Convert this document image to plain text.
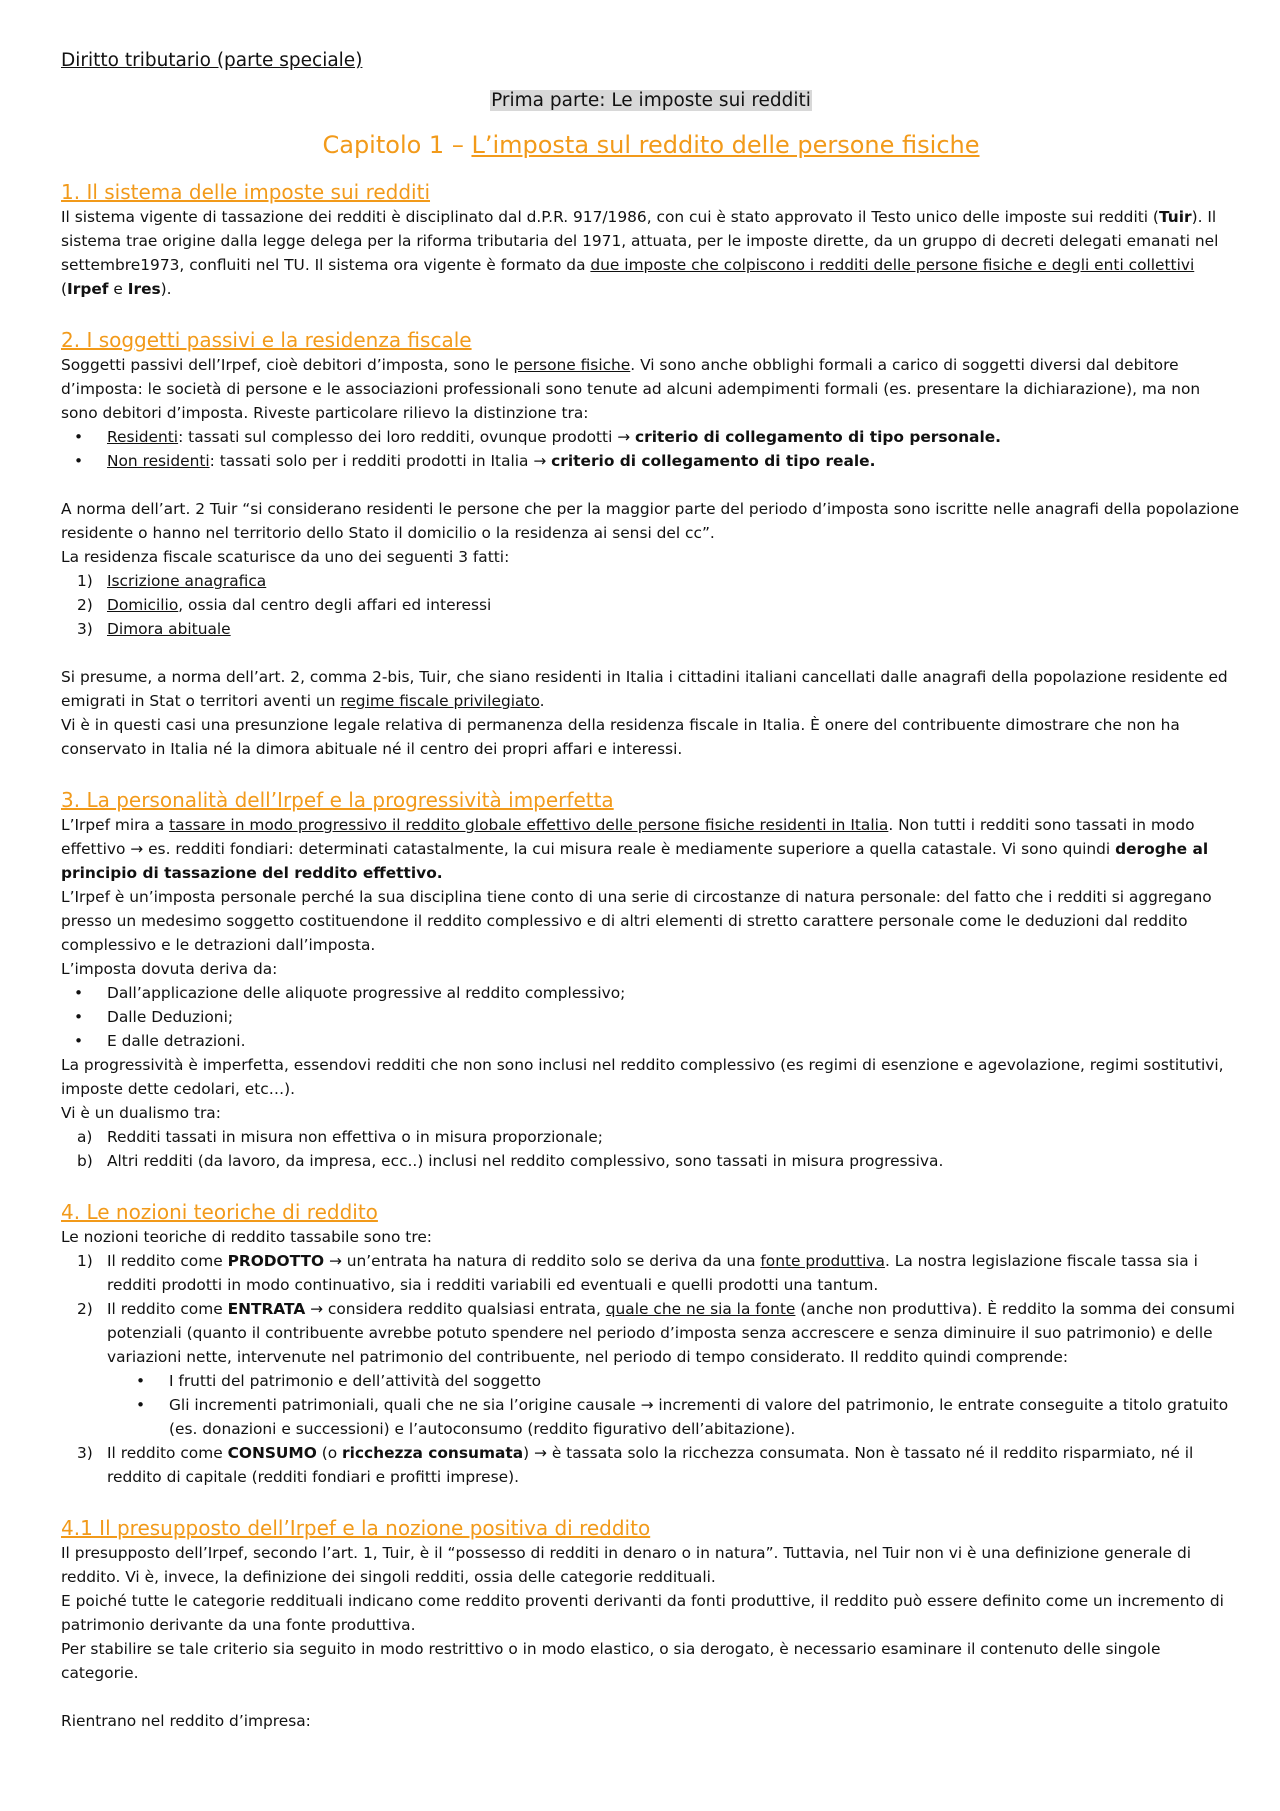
Diritto tributario (parte speciale)

Prima parte: Le imposte sui redditi

Capitolo 1 – L’imposta sul reddito delle persone fisiche

1. Il sistema delle imposte sui redditi

Il sistema vigente di tassazione dei redditi è disciplinato dal d.P.R. 917/1986, con cui è stato approvato il Testo unico delle imposte sui redditi (Tuir). Il sistema trae origine dalla legge delega per la riforma tributaria del 1971, attuata, per le imposte dirette, da un gruppo di decreti delegati emanati nel settembre1973, confluiti nel TU. Il sistema ora vigente è formato da due imposte che colpiscono i redditi delle persone fisiche e degli enti collettivi (Irpef e Ires).

2. I soggetti passivi e la residenza fiscale

Soggetti passivi dell’Irpef, cioè debitori d’imposta, sono le persone fisiche. Vi sono anche obblighi formali a carico di soggetti diversi dal debitore d’imposta: le società di persone e le associazioni professionali sono tenute ad alcuni adempimenti formali (es. presentare la dichiarazione), ma non sono debitori d’imposta. Riveste particolare rilievo la distinzione tra:

• Residenti: tassati sul complesso dei loro redditi, ovunque prodotti → criterio di collegamento di tipo personale.
• Non residenti: tassati solo per i redditi prodotti in Italia → criterio di collegamento di tipo reale.

A norma dell’art. 2 Tuir “si considerano residenti le persone che per la maggior parte del periodo d’imposta sono iscritte nelle anagrafi della popolazione residente o hanno nel territorio dello Stato il domicilio o la residenza ai sensi del cc”.

La residenza fiscale scaturisce da uno dei seguenti 3 fatti:

1) Iscrizione anagrafica
2) Domicilio, ossia dal centro degli affari ed interessi
3) Dimora abituale

Si presume, a norma dell’art. 2, comma 2-bis, Tuir, che siano residenti in Italia i cittadini italiani cancellati dalle anagrafi della popolazione residente ed emigrati in Stat o territori aventi un regime fiscale privilegiato.

Vi è in questi casi una presunzione legale relativa di permanenza della residenza fiscale in Italia. È onere del contribuente dimostrare che non ha conservato in Italia né la dimora abituale né il centro dei propri affari e interessi.

3. La personalità dell’Irpef e la progressività imperfetta

L’Irpef mira a tassare in modo progressivo il reddito globale effettivo delle persone fisiche residenti in Italia. Non tutti i redditi sono tassati in modo effettivo → es. redditi fondiari: determinati catastalmente, la cui misura reale è mediamente superiore a quella catastale. Vi sono quindi deroghe al principio di tassazione del reddito effettivo.

L’Irpef è un’imposta personale perché la sua disciplina tiene conto di una serie di circostanze di natura personale: del fatto che i redditi si aggregano presso un medesimo soggetto costituendone il reddito complessivo e di altri elementi di stretto carattere personale come le deduzioni dal reddito complessivo e le detrazioni dall’imposta.

L’imposta dovuta deriva da:

• Dall’applicazione delle aliquote progressive al reddito complessivo;
• Dalle Deduzioni;
• E dalle detrazioni.

La progressività è imperfetta, essendovi redditi che non sono inclusi nel reddito complessivo (es regimi di esenzione e agevolazione, regimi sostitutivi, imposte dette cedolari, etc…).

Vi è un dualismo tra:

a) Redditi tassati in misura non effettiva o in misura proporzionale;
b) Altri redditi (da lavoro, da impresa, ecc..) inclusi nel reddito complessivo, sono tassati in misura progressiva.
4. Le nozioni teoriche di reddito

Le nozioni teoriche di reddito tassabile sono tre:

1) Il reddito come PRODOTTO → un’entrata ha natura di reddito solo se deriva da una fonte produttiva. La nostra legislazione fiscale tassa sia i redditi prodotti in modo continuativo, sia i redditi variabili ed eventuali e quelli prodotti una tantum.
2) Il reddito come ENTRATA → considera reddito qualsiasi entrata, quale che ne sia la fonte (anche non produttiva). È reddito la somma dei consumi potenziali (quanto il contribuente avrebbe potuto spendere nel periodo d’imposta senza accrescere e senza diminuire il suo patrimonio) e delle variazioni nette, intervenute nel patrimonio del contribuente, nel periodo di tempo considerato. Il reddito quindi comprende:
• I frutti del patrimonio e dell’attività del soggetto
• Gli incrementi patrimoniali, quali che ne sia l’origine causale → incrementi di valore del patrimonio, le entrate conseguite a titolo gratuito (es. donazioni e successioni) e l’autoconsumo (reddito figurativo dell’abitazione).
3) Il reddito come CONSUMO (o ricchezza consumata) → è tassata solo la ricchezza consumata. Non è tassato né il reddito risparmiato, né il reddito di capitale (redditi fondiari e profitti imprese).
4.1 Il presupposto dell’Irpef e la nozione positiva di reddito

Il presupposto dell’Irpef, secondo l’art. 1, Tuir, è il “possesso di redditi in denaro o in natura”. Tuttavia, nel Tuir non vi è una definizione generale di reddito. Vi è, invece, la definizione dei singoli redditi, ossia delle categorie reddituali.

E poiché tutte le categorie reddituali indicano come reddito proventi derivanti da fonti produttive, il reddito può essere definito come un incremento di patrimonio derivante da una fonte produttiva.

Per stabilire se tale criterio sia seguito in modo restrittivo o in modo elastico, o sia derogato, è necessario esaminare il contenuto delle singole categorie.

Rientrano nel reddito d’impresa:
